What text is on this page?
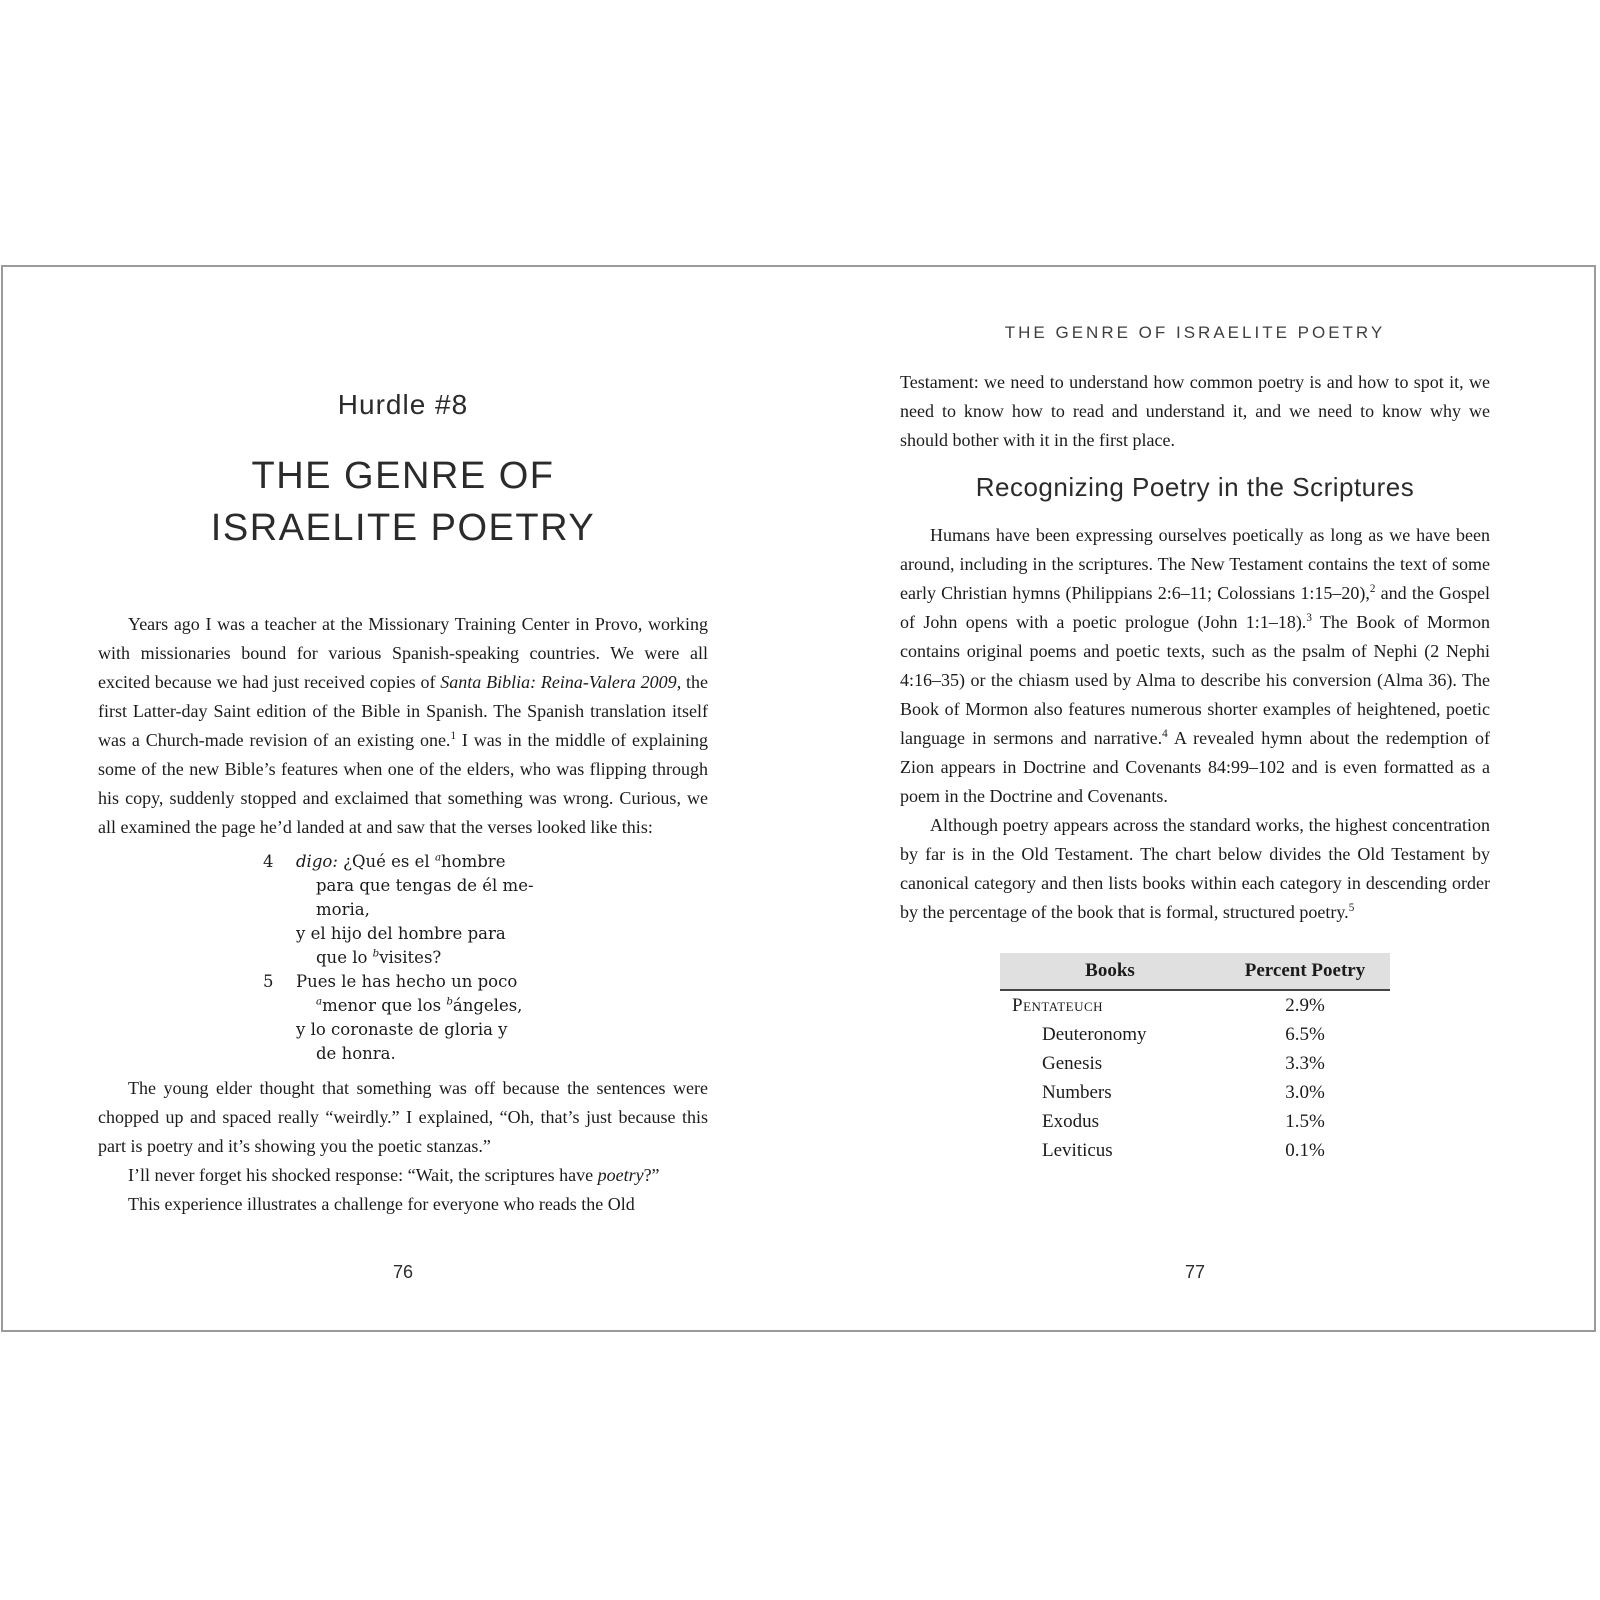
Hurdle #8
THE GENRE OF
ISRAELITE POETRY

Years ago I was a teacher at the Missionary Training Center in Provo, working with missionaries bound for various Spanish-speaking countries. We were all excited because we had just received copies of Santa Biblia: Reina-Valera 2009, the first Latter-day Saint edition of the Bible in Spanish. The Spanish translation itself was a Church-made revision of an existing one.$^1$ I was in the middle of explaining some of the new Bible’s features when one of the elders, who was flipping through his copy, suddenly stopped and exclaimed that something was wrong. Curious, we all examined the page he’d landed at and saw that the verses looked like this:

4 digo: ¿Qué es el $^a$hombre
para que tengas de él me-
moria,
y el hijo del hombre para
que lo $^b$visites?
5 Pues le has hecho un poco
$^a$menor que los $^b$ángeles,
y lo coronaste de gloria y
de honra.

The young elder thought that something was off because the sentences were chopped up and spaced really “weirdly.” I explained, “Oh, that’s just because this part is poetry and it’s showing you the poetic stanzas.”

I’ll never forget his shocked response: “Wait, the scriptures have poetry?”

This experience illustrates a challenge for everyone who reads the Old

76
THE GENRE OF ISRAELITE POETRY

Testament: we need to understand how common poetry is and how to spot it, we need to know how to read and understand it, and we need to know why we should bother with it in the first place.

Recognizing Poetry in the Scriptures

Humans have been expressing ourselves poetically as long as we have been around, including in the scriptures. The New Testament contains the text of some early Christian hymns (Philippians 2:6–11; Colossians 1:15–20),$^2$ and the Gospel of John opens with a poetic prologue (John 1:1–18).$^3$ The Book of Mormon contains original poems and poetic texts, such as the psalm of Nephi (2 Nephi 4:16–35) or the chiasm used by Alma to describe his conversion (Alma 36). The Book of Mormon also features numerous shorter examples of heightened, poetic language in sermons and narrative.$^4$ A revealed hymn about the redemption of Zion appears in Doctrine and Covenants 84:99–102 and is even formatted as a poem in the Doctrine and Covenants.

Although poetry appears across the standard works, the highest concentration by far is in the Old Testament. The chart below divides the Old Testament by canonical category and then lists books within each category in descending order by the percentage of the book that is formal, structured poetry.$^5$

Books	Percent Poetry
Pentateuch	2.9%
Deuteronomy	6.5%
Genesis	3.3%
Numbers	3.0%
Exodus	1.5%
Leviticus	0.1%
77
